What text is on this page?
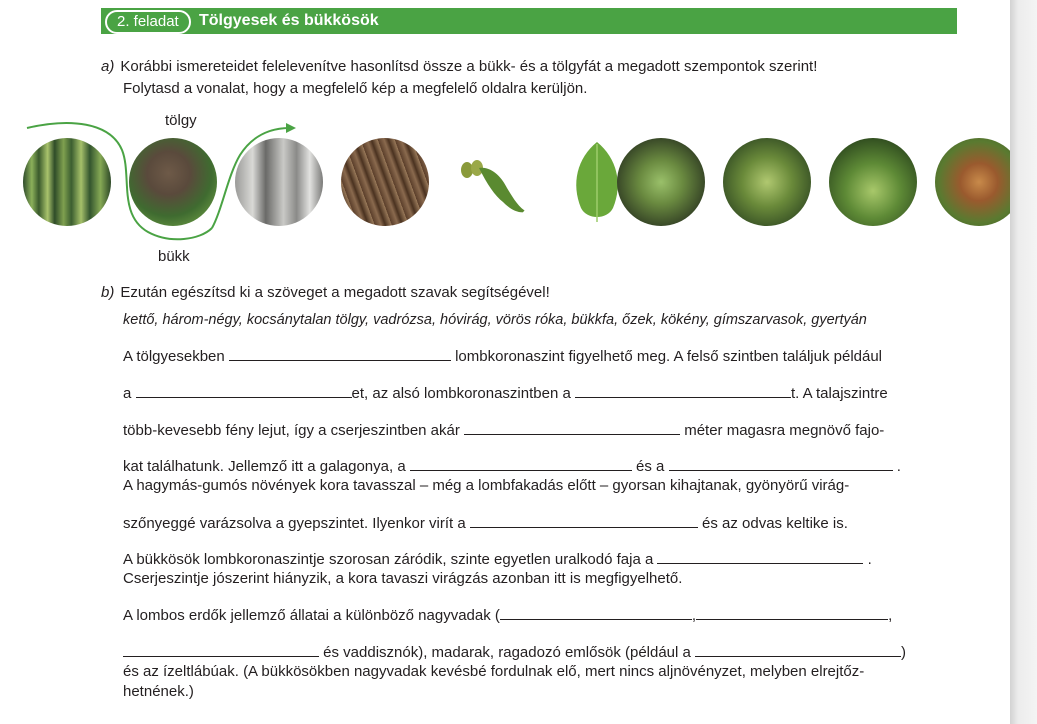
2. feladat	Tölgyesek és bükkösök
a) Korábbi ismereteidet felelevenítve hasonlítsd össze a bükk- és a tölgyfát a megadott szempontok szerint!
Folytasd a vonalat, hogy a megfelelő kép a megfelelő oldalra kerüljön.
tölgy
bükk
b) Ezután egészítsd ki a szöveget a megadott szavak segítségével!
kettő, három-négy, kocsánytalan tölgy, vadrózsa, hóvirág, vörös róka, bükkfa, őzek, kökény, gímszarvasok, gyertyán
A tölgyesekben	lombkoronaszint figyelhető meg. A felső szintben találjuk például
a	et, az alsó lombkoronaszintben a	t. A talajszintre
több-kevesebb fény lejut, így a cserjeszintben akár	méter magasra megnövő fajo-
kat találhatunk. Jellemző itt a galagonya, a	és a	.
A hagymás-gumós növények kora tavasszal – még a lombfakadás előtt – gyorsan kihajtanak, gyönyörű virág-
szőnyeggé varázsolva a gyepszintet. Ilyenkor virít a	és az odvas keltike is.
A bükkösök lombkoronaszintje szorosan záródik, szinte egyetlen uralkodó faja a	.
Cserjeszintje jószerint hiányzik, a kora tavaszi virágzás azonban itt is megfigyelhető.
A lombos erdők jellemző állatai a különböző nagyvadak (	,	,
és vaddisznók), madarak, ragadozó emlősök (például a	)
és az ízeltlábúak. (A bükkösökben nagyvadak kevésbé fordulnak elő, mert nincs aljnövényzet, melyben elrejtőz-
hetnének.)
